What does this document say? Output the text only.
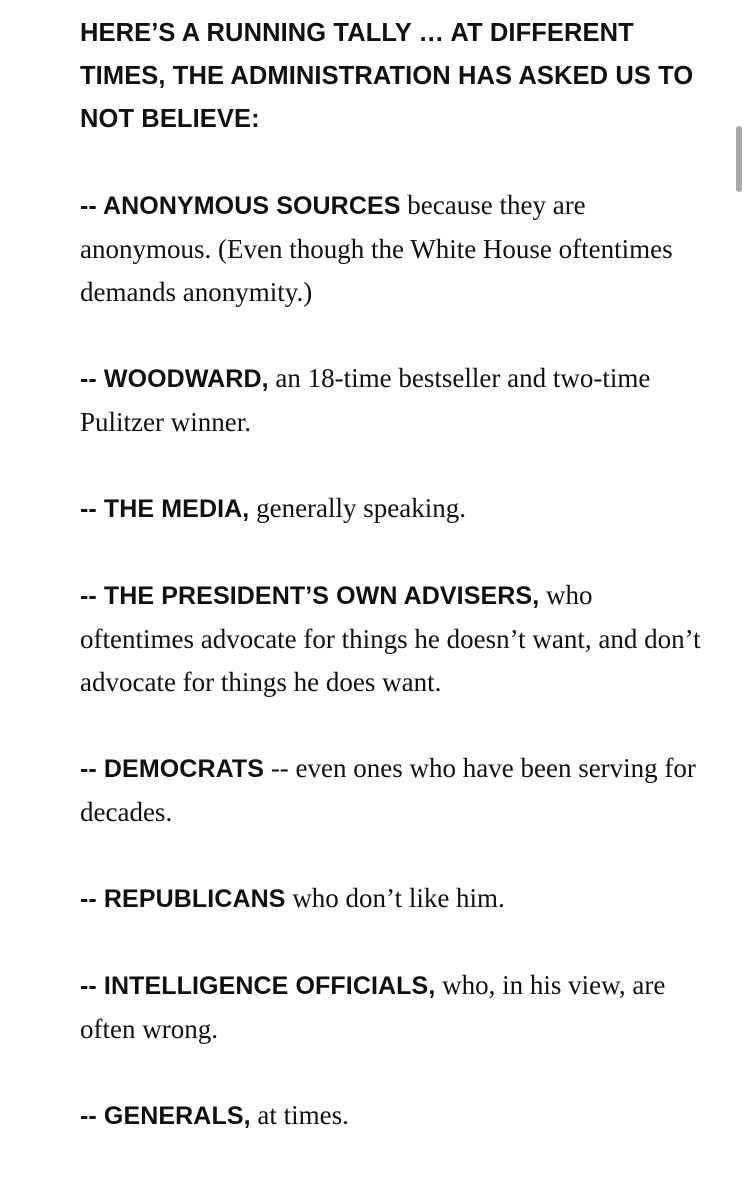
HERE’S A RUNNING TALLY … AT DIFFERENT TIMES, THE ADMINISTRATION HAS ASKED US TO NOT BELIEVE:

-- ANONYMOUS SOURCES because they are anonymous. (Even though the White House oftentimes demands anonymity.)

-- WOODWARD, an 18-time bestseller and two-time Pulitzer winner.

-- THE MEDIA, generally speaking.

-- THE PRESIDENT’S OWN ADVISERS, who oftentimes advocate for things he doesn’t want, and don’t advocate for things he does want.

-- DEMOCRATS -- even ones who have been serving for decades.

-- REPUBLICANS who don’t like him.

-- INTELLIGENCE OFFICIALS, who, in his view, are often wrong.

-- GENERALS, at times.
